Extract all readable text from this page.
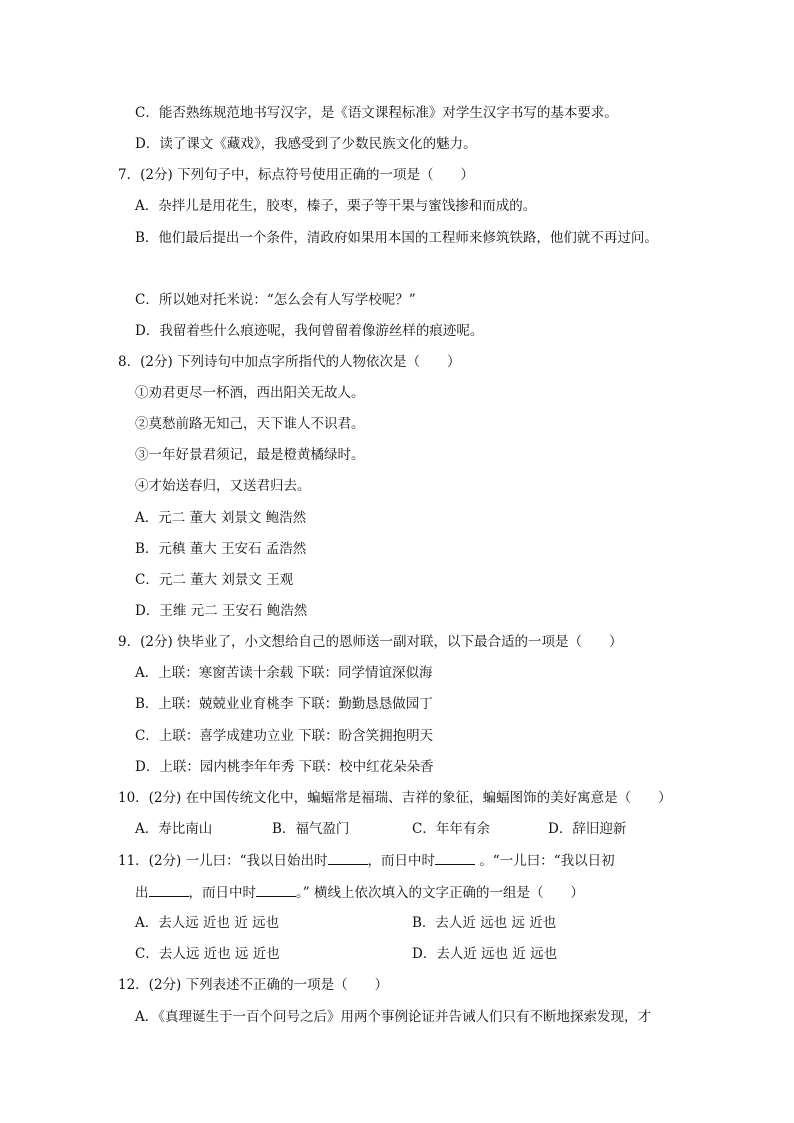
C．能否熟练规范地书写汉字，是《语文课程标准》对学生汉字书写的基本要求。
D．读了课文《藏戏》，我感受到了少数民族文化的魅力。
7．(2分) 下列句子中，标点符号使用正确的一项是（　　）
A．杂拌儿是用花生，胶枣，榛子，栗子等干果与蜜饯掺和而成的。
B．他们最后提出一个条件，清政府如果用本国的工程师来修筑铁路，他们就不再过问。
C．所以她对托米说：“怎么会有人写学校呢？”
D．我留着些什么痕迹呢，我何曾留着像游丝样的痕迹呢。
8．(2分) 下列诗句中加点字所指代的人物依次是（　　）
①劝君更尽一杯酒，西出阳关无故人。
②莫愁前路无知己，天下谁人不识君。
③一年好景君须记，最是橙黄橘绿时。
④才始送春归，又送君归去。
A．元二 董大 刘景文 鲍浩然
B．元稹 董大 王安石 孟浩然
C．元二 董大 刘景文 王观
D．王维 元二 王安石 鲍浩然
9．(2分) 快毕业了，小文想给自己的恩师送一副对联，以下最合适的一项是（　　）
A．上联：寒窗苦读十余载 下联：同学情谊深似海
B．上联：兢兢业业育桃李 下联：勤勤恳恳做园丁
C．上联：喜学成建功立业 下联：盼含笑拥抱明天
D．上联：园内桃李年年秀 下联：校中红花朵朵香
10．(2分) 在中国传统文化中，蝙蝠常是福瑞、吉祥的象征，蝙蝠图饰的美好寓意是（　　）
A．寿比南山	B．福气盈门	C．年年有余	D．辞旧迎新
11．(2分) 一儿曰：“我以日始出时	，而日中时	。“一儿曰：“我以日初
出	，而日中时	。” 横线上依次填入的文字正确的一组是（　　）
A．去人远 近也 近 远也	B．去人近 远也 远 近也
C．去人远 近也 远 近也	D．去人近 远也 近 远也
12．(2分) 下列表述不正确的一项是（　　）
A．《真理诞生于一百个问号之后》用两个事例论证并告诫人们只有不断地探索发现，才
